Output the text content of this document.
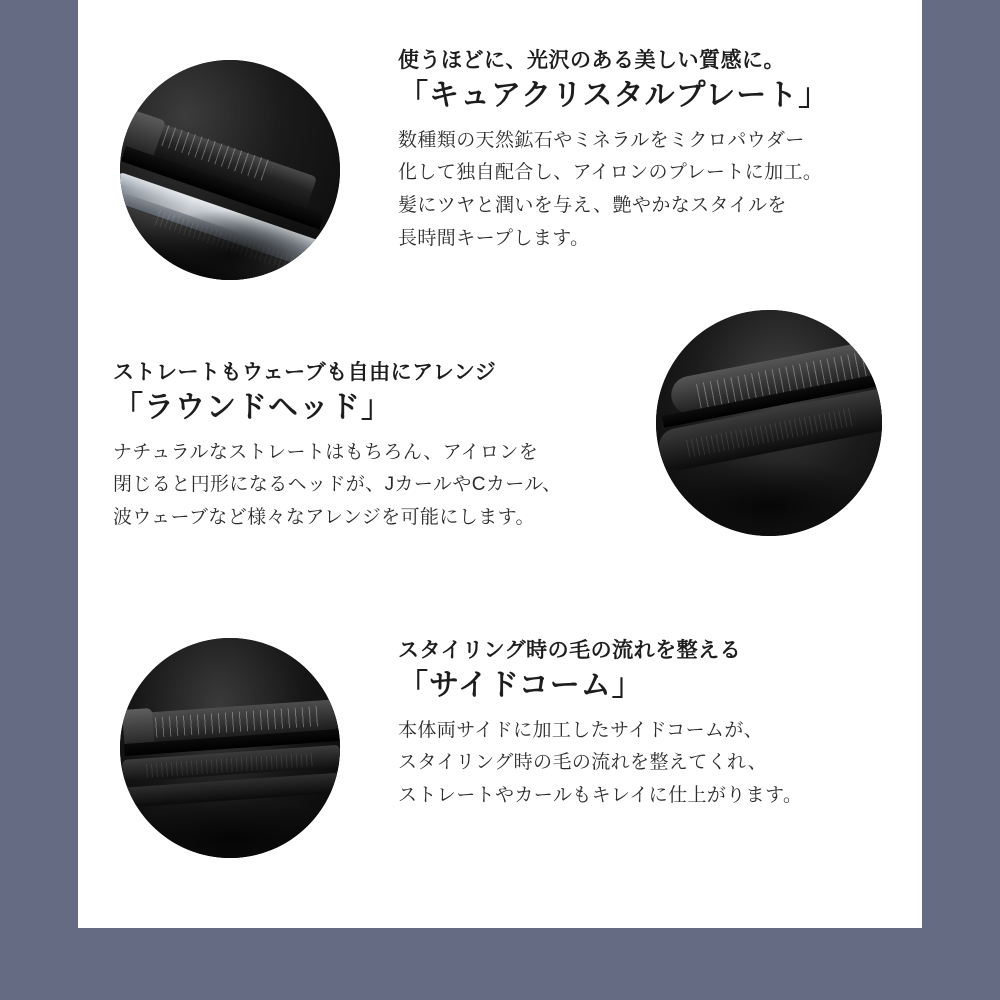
使うほどに、光沢のある美しい質感に。

「キュアクリスタルプレート」

数種類の天然鉱石やミネラルをミクロパウダー
化して独自配合し、アイロンのプレートに加工。
髪にツヤと潤いを与え、艶やかなスタイルを
長時間キープします。

ストレートもウェーブも自由にアレンジ

「ラウンドヘッド」

ナチュラルなストレートはもちろん、アイロンを
閉じると円形になるヘッドが、JカールやCカール、
波ウェーブなど様々なアレンジを可能にします。

スタイリング時の毛の流れを整える

「サイドコーム」

本体両サイドに加工したサイドコームが、
スタイリング時の毛の流れを整えてくれ、
ストレートやカールもキレイに仕上がります。
